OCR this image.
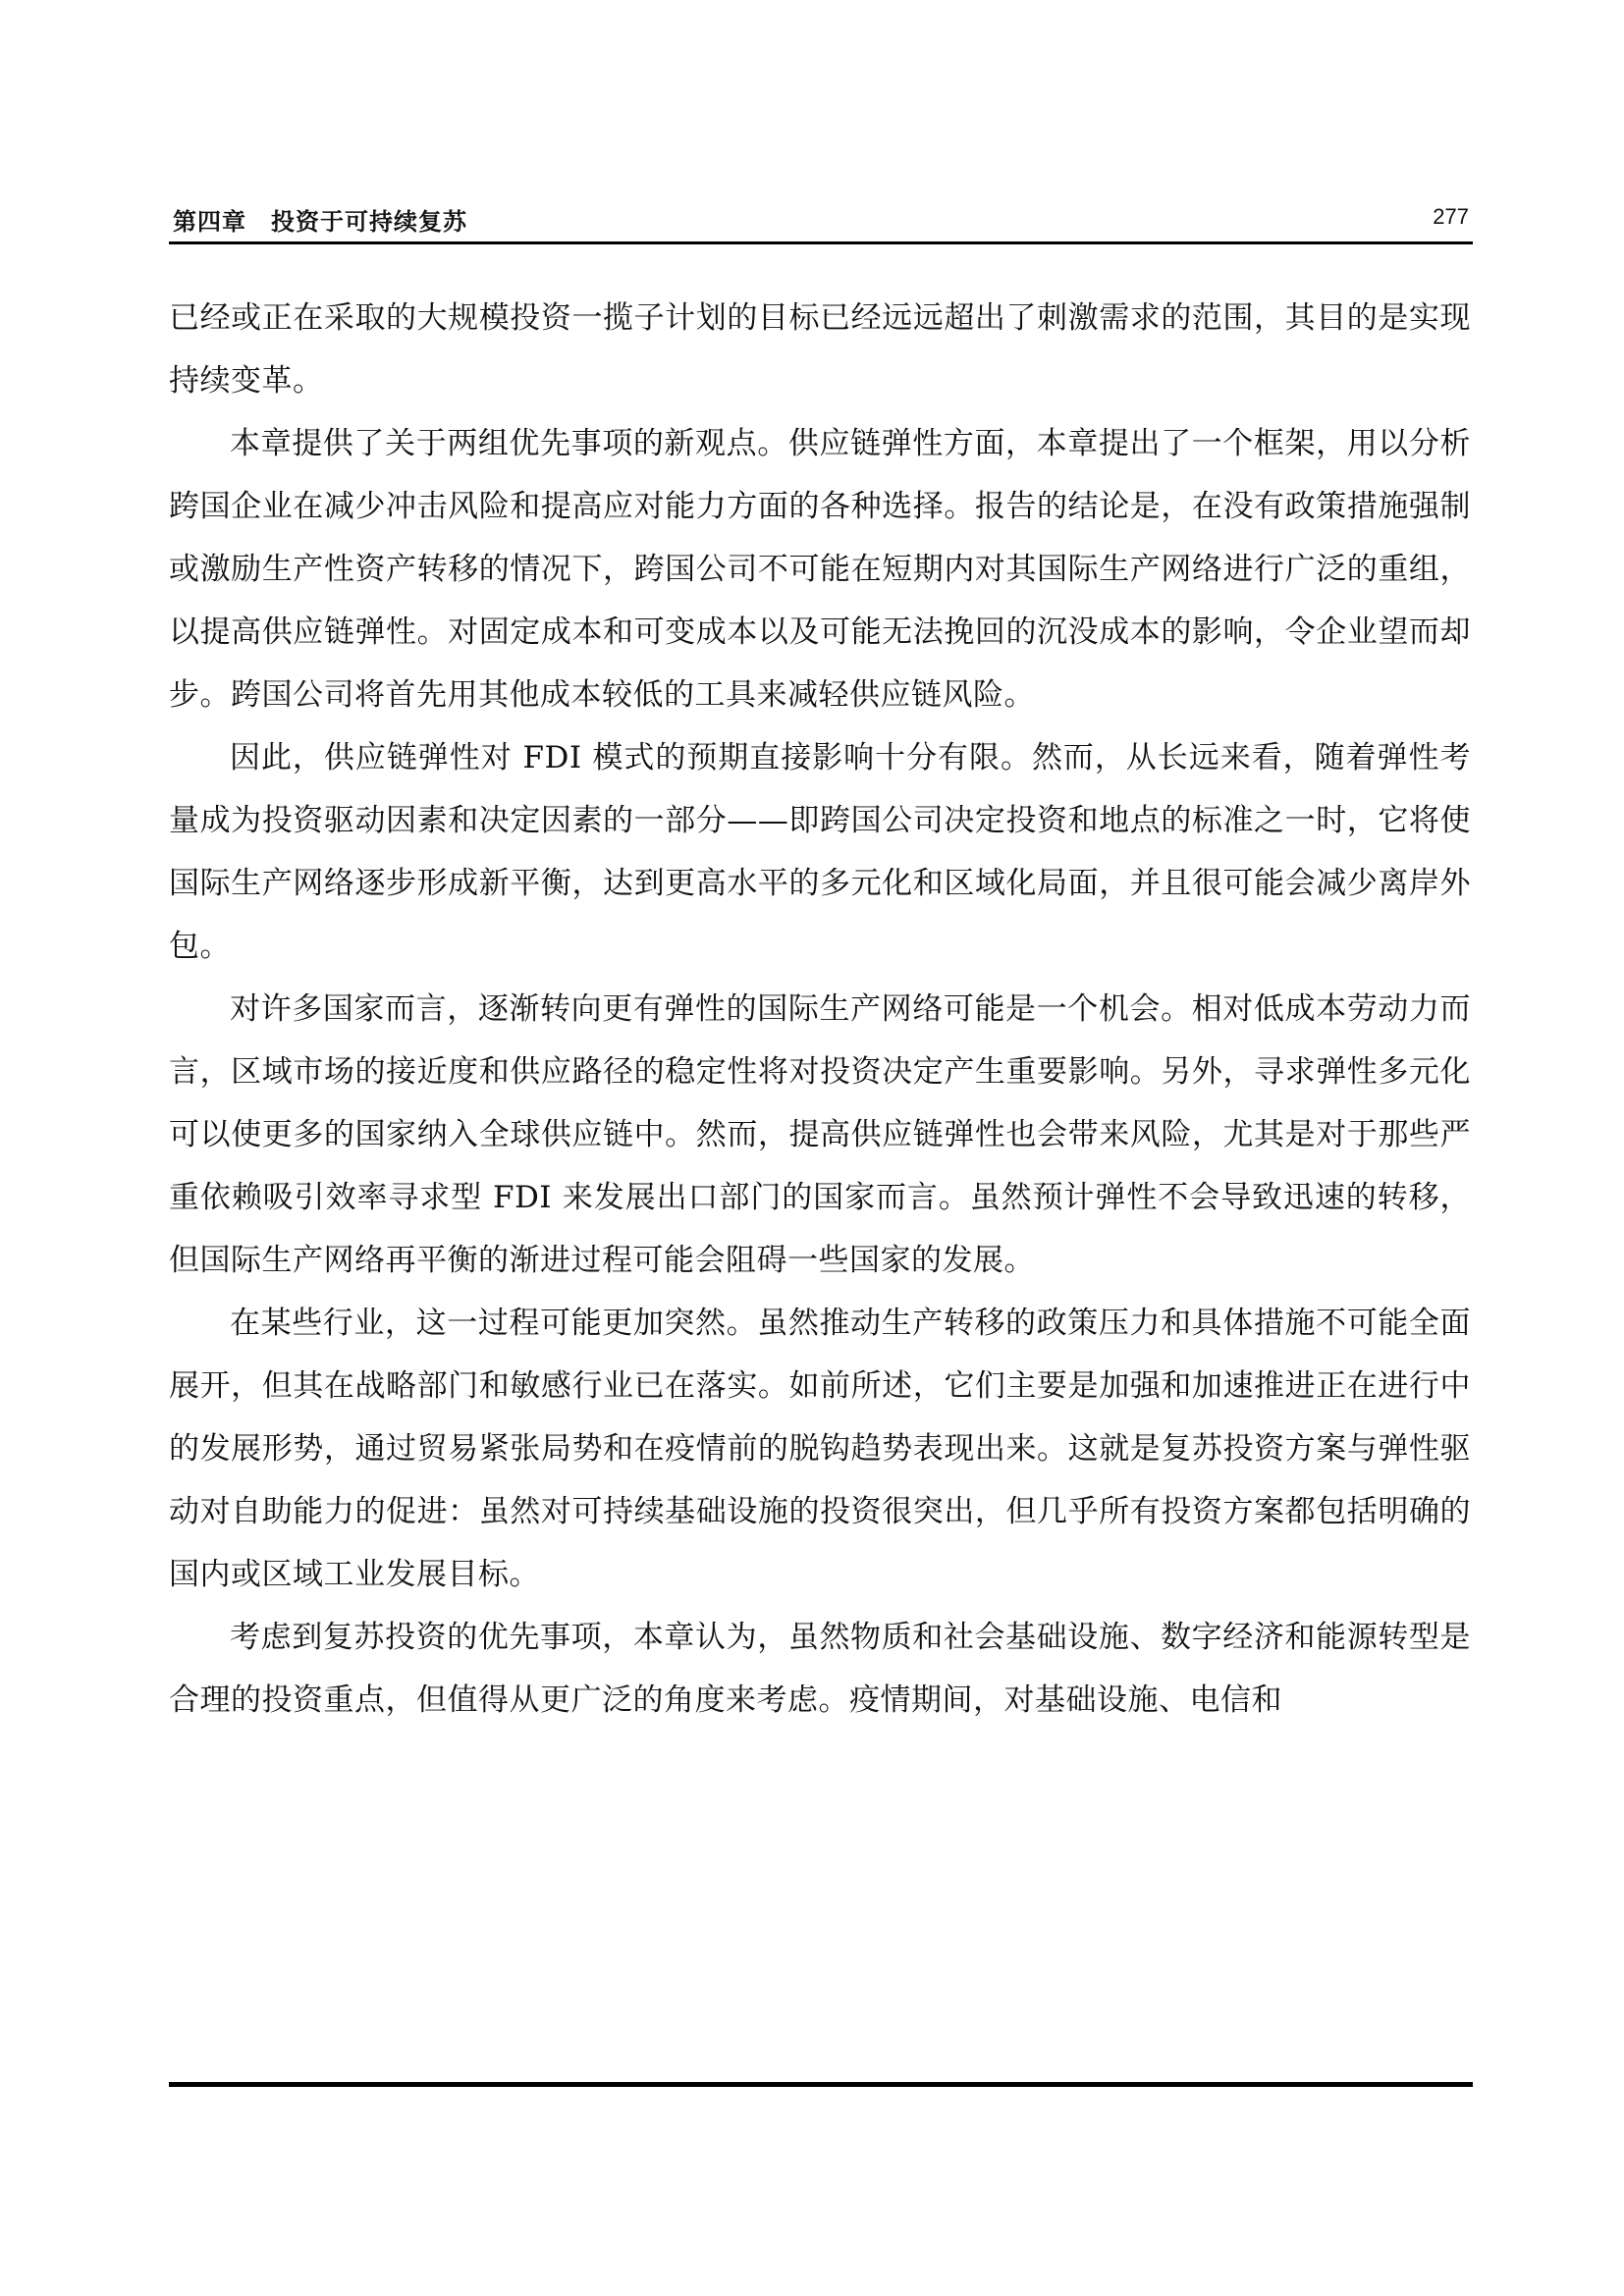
第四章　投资于可持续复苏	277

已经或正在采取的大规模投资一揽子计划的目标已经远远超出了刺激需求的范围，其目的是实现持续变革。

本章提供了关于两组优先事项的新观点。供应链弹性方面，本章提出了一个框架，用以分析跨国企业在减少冲击风险和提高应对能力方面的各种选择。报告的结论是，在没有政策措施强制或激励生产性资产转移的情况下，跨国公司不可能在短期内对其国际生产网络进行广泛的重组，以提高供应链弹性。对固定成本和可变成本以及可能无法挽回的沉没成本的影响，令企业望而却步。跨国公司将首先用其他成本较低的工具来减轻供应链风险。

因此，供应链弹性对 FDI 模式的预期直接影响十分有限。然而，从长远来看，随着弹性考量成为投资驱动因素和决定因素的一部分——即跨国公司决定投资和地点的标准之一时，它将使国际生产网络逐步形成新平衡，达到更高水平的多元化和区域化局面，并且很可能会减少离岸外包。

对许多国家而言，逐渐转向更有弹性的国际生产网络可能是一个机会。相对低成本劳动力而言，区域市场的接近度和供应路径的稳定性将对投资决定产生重要影响。另外，寻求弹性多元化可以使更多的国家纳入全球供应链中。然而，提高供应链弹性也会带来风险，尤其是对于那些严重依赖吸引效率寻求型 FDI 来发展出口部门的国家而言。虽然预计弹性不会导致迅速的转移，但国际生产网络再平衡的渐进过程可能会阻碍一些国家的发展。

在某些行业，这一过程可能更加突然。虽然推动生产转移的政策压力和具体措施不可能全面展开，但其在战略部门和敏感行业已在落实。如前所述，它们主要是加强和加速推进正在进行中的发展形势，通过贸易紧张局势和在疫情前的脱钩趋势表现出来。这就是复苏投资方案与弹性驱动对自助能力的促进：虽然对可持续基础设施的投资很突出，但几乎所有投资方案都包括明确的国内或区域工业发展目标。

考虑到复苏投资的优先事项，本章认为，虽然物质和社会基础设施、数字经济和能源转型是合理的投资重点，但值得从更广泛的角度来考虑。疫情期间，对基础设施、电信和
